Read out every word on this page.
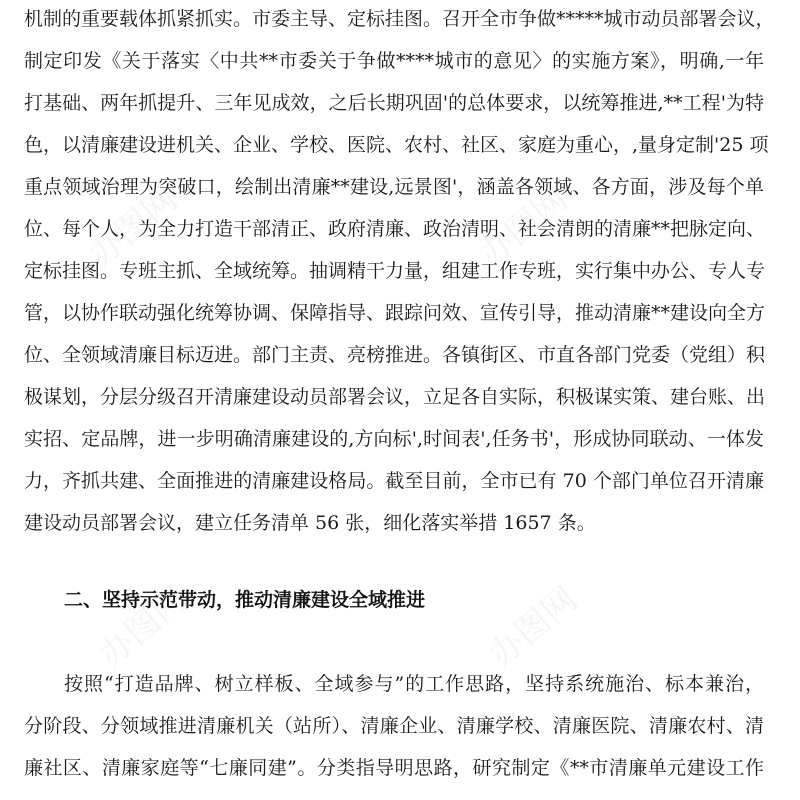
机制的重要载体抓紧抓实。市委主导、定标挂图。召开全市争做*****城市动员部署会议，
制定印发《关于落实〈中共**市委关于争做****城市的意见〉的实施方案》，明确,一年
打基础、两年抓提升、三年见成效，之后长期巩固'的总体要求，以统筹推进,**工程'为特
色，以清廉建设进机关、企业、学校、医院、农村、社区、家庭为重心，,量身定制'25 项
重点领域治理为突破口，绘制出清廉**建设,远景图'，涵盖各领域、各方面，涉及每个单
位、每个人，为全力打造干部清正、政府清廉、政治清明、社会清朗的清廉**把脉定向、
定标挂图。专班主抓、全域统筹。抽调精干力量，组建工作专班，实行集中办公、专人专
管，以协作联动强化统筹协调、保障指导、跟踪问效、宣传引导，推动清廉**建设向全方
位、全领域清廉目标迈进。部门主责、亮榜推进。各镇街区、市直各部门党委（党组）积
极谋划，分层分级召开清廉建设动员部署会议，立足各自实际，积极谋实策、建台账、出
实招、定品牌，进一步明确清廉建设的,方向标',时间表',任务书'，形成协同联动、一体发
力，齐抓共建、全面推进的清廉建设格局。截至目前，全市已有 70 个部门单位召开清廉
建设动员部署会议，建立任务清单 56 张，细化落实举措 1657 条。
二、坚持示范带动，推动清廉建设全域推进
按照“打造品牌、树立样板、全域参与”的工作思路，坚持系统施治、标本兼治，
分阶段、分领域推进清廉机关（站所）、清廉企业、清廉学校、清廉医院、清廉农村、清
廉社区、清廉家庭等“七廉同建”。分类指导明思路，研究制定《**市清廉单元建设工作
办图网	办图网
办图网	办图网
